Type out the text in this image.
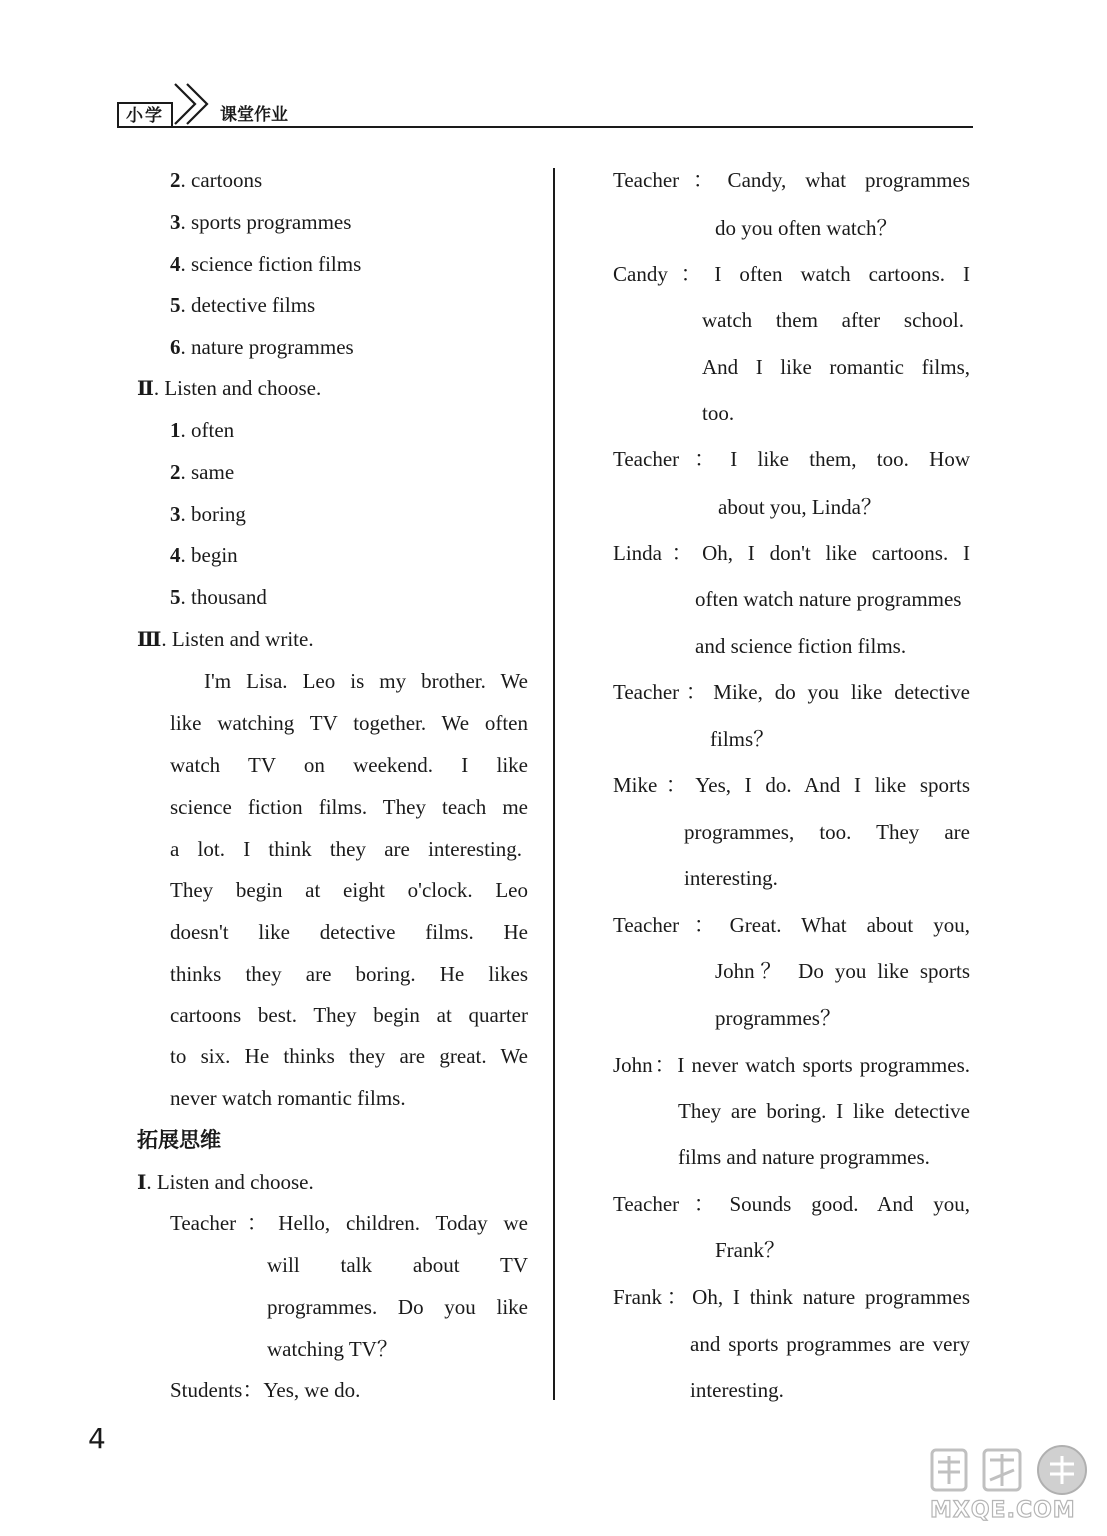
小学	课堂作业
2. cartoons
3. sports programmes
4. science fiction films
5. detective films
6. nature programmes
Ⅱ. Listen and choose.
1. often
2. same
3. boring
4. begin
5. thousand
Ⅲ. Listen and write.
I'm Lisa. Leo is my brother. We
like watching TV together. We often
watch TV on weekend. I like
science fiction films. They teach me
a lot. I think they are interesting.
They begin at eight o'clock. Leo
doesn't like detective films. He
thinks they are boring. He likes
cartoons best. They begin at quarter
to six. He thinks they are great. We
never watch romantic films.
拓展思维
Ⅰ. Listen and choose.
Teacher：Hello, children. Today we
will talk about TV
programmes. Do you like
watching TV？
Students：Yes, we do.
Teacher：Candy, what programmes
do you often watch？
Candy：I often watch cartoons. I
watch them after school.
And I like romantic films,
too.
Teacher：I like them, too. How
about you, Linda？
Linda：Oh, I don't like cartoons. I
often watch nature programmes
and science fiction films.
Teacher：Mike, do you like detective
films？
Mike：Yes, I do. And I like sports
programmes, too. They are
interesting.
Teacher：Great. What about you,
John？ Do you like sports
programmes？
John：I never watch sports programmes.
They are boring. I like detective
films and nature programmes.
Teacher：Sounds good. And you,
Frank？
Frank：Oh, I think nature programmes
and sports programmes are very
interesting.
4
MXQE.COM
